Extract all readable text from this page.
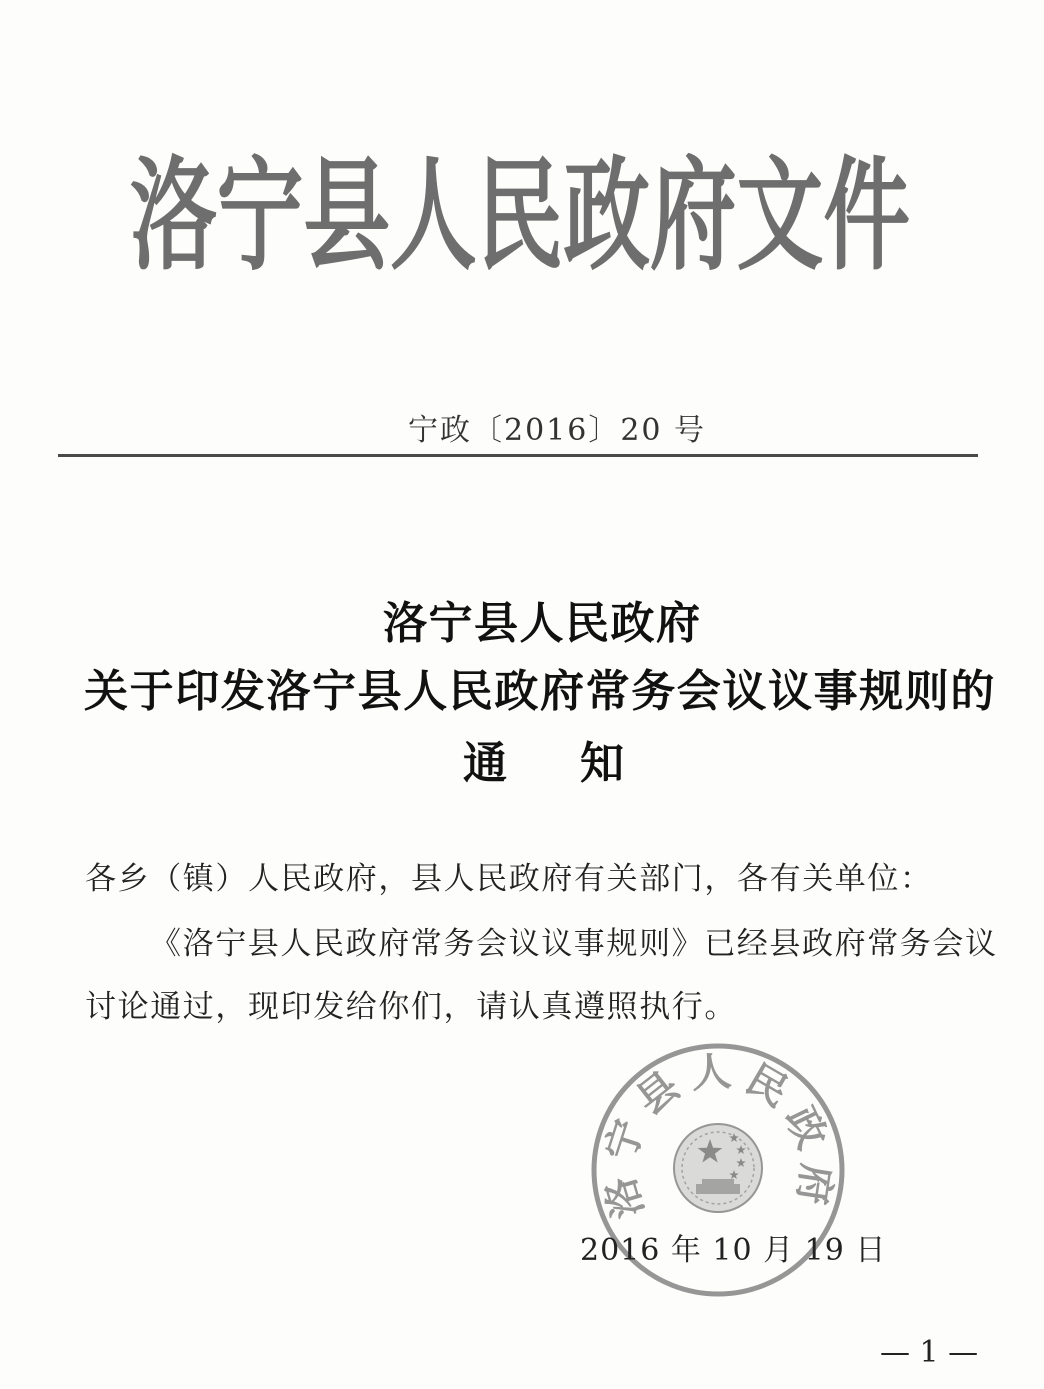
洛宁县人民政府文件
宁政〔2016〕20 号
洛宁县人民政府
关于印发洛宁县人民政府常务会议议事规则的
通　　知
各乡（镇）人民政府，县人民政府有关部门，各有关单位：
《洛宁县人民政府常务会议议事规则》已经县政府常务会议
讨论通过，现印发给你们，请认真遵照执行。
洛宁县人民政府
2016 年 10 月 19 日
— 1 —
